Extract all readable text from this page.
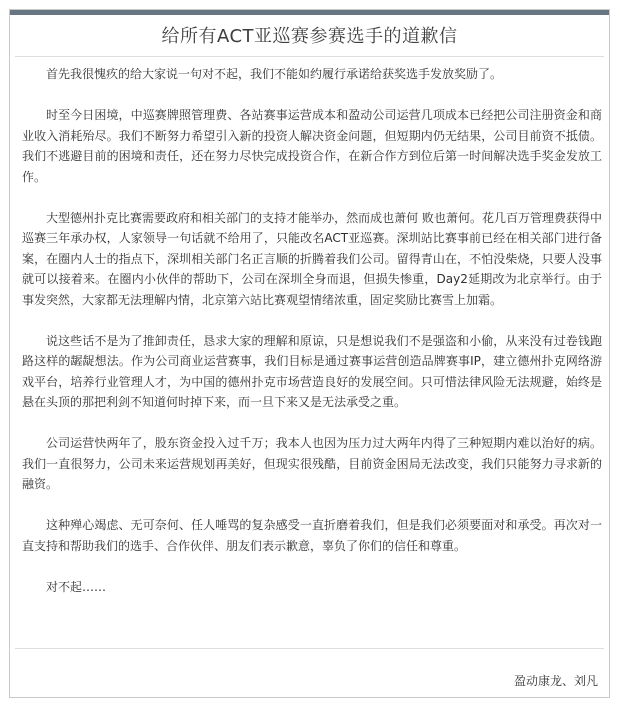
给所有ACT亚巡赛参赛选手的道歉信

首先我很愧疚的给大家说一句对不起，我们不能如约履行承诺给获奖选手发放奖励了。

时至今日困境，中巡赛牌照管理费、各站赛事运营成本和盈动公司运营几项成本已经把公司注册资金和商业收入消耗殆尽。我们不断努力希望引入新的投资人解决资金问题，但短期内仍无结果，公司目前资不抵债。我们不逃避目前的困境和责任，还在努力尽快完成投资合作，在新合作方到位后第一时间解决选手奖金发放工作。

大型德州扑克比赛需要政府和相关部门的支持才能举办，然而成也萧何 败也萧何。花几百万管理费获得中巡赛三年承办权，人家领导一句话就不给用了，只能改名ACT亚巡赛。深圳站比赛事前已经在相关部门进行备案，在圈内人士的指点下，深圳相关部门名正言顺的折腾着我们公司。留得青山在，不怕没柴烧，只要人没事就可以接着来。在圈内小伙伴的帮助下，公司在深圳全身而退，但损失惨重，Day2延期改为北京举行。由于事发突然，大家都无法理解内情，北京第六站比赛观望情绪浓重，固定奖励比赛雪上加霜。

说这些话不是为了推卸责任，恳求大家的理解和原谅，只是想说我们不是强盗和小偷，从来没有过卷钱跑路这样的龌龊想法。作为公司商业运营赛事，我们目标是通过赛事运营创造品牌赛事IP，建立德州扑克网络游戏平台，培养行业管理人才，为中国的德州扑克市场营造良好的发展空间。只可惜法律风险无法规避，始终是悬在头顶的那把利剑不知道何时掉下来，而一旦下来又是无法承受之重。

公司运营快两年了，股东资金投入过千万；我本人也因为压力过大两年内得了三种短期内难以治好的病。我们一直很努力，公司未来运营规划再美好，但现实很残酷，目前资金困局无法改变，我们只能努力寻求新的融资。

这种殚心竭虑、无可奈何、任人唾骂的复杂感受一直折磨着我们，但是我们必须要面对和承受。再次对一直支持和帮助我们的选手、合作伙伴、朋友们表示歉意，辜负了你们的信任和尊重。

对不起……

盈动康龙、刘凡
